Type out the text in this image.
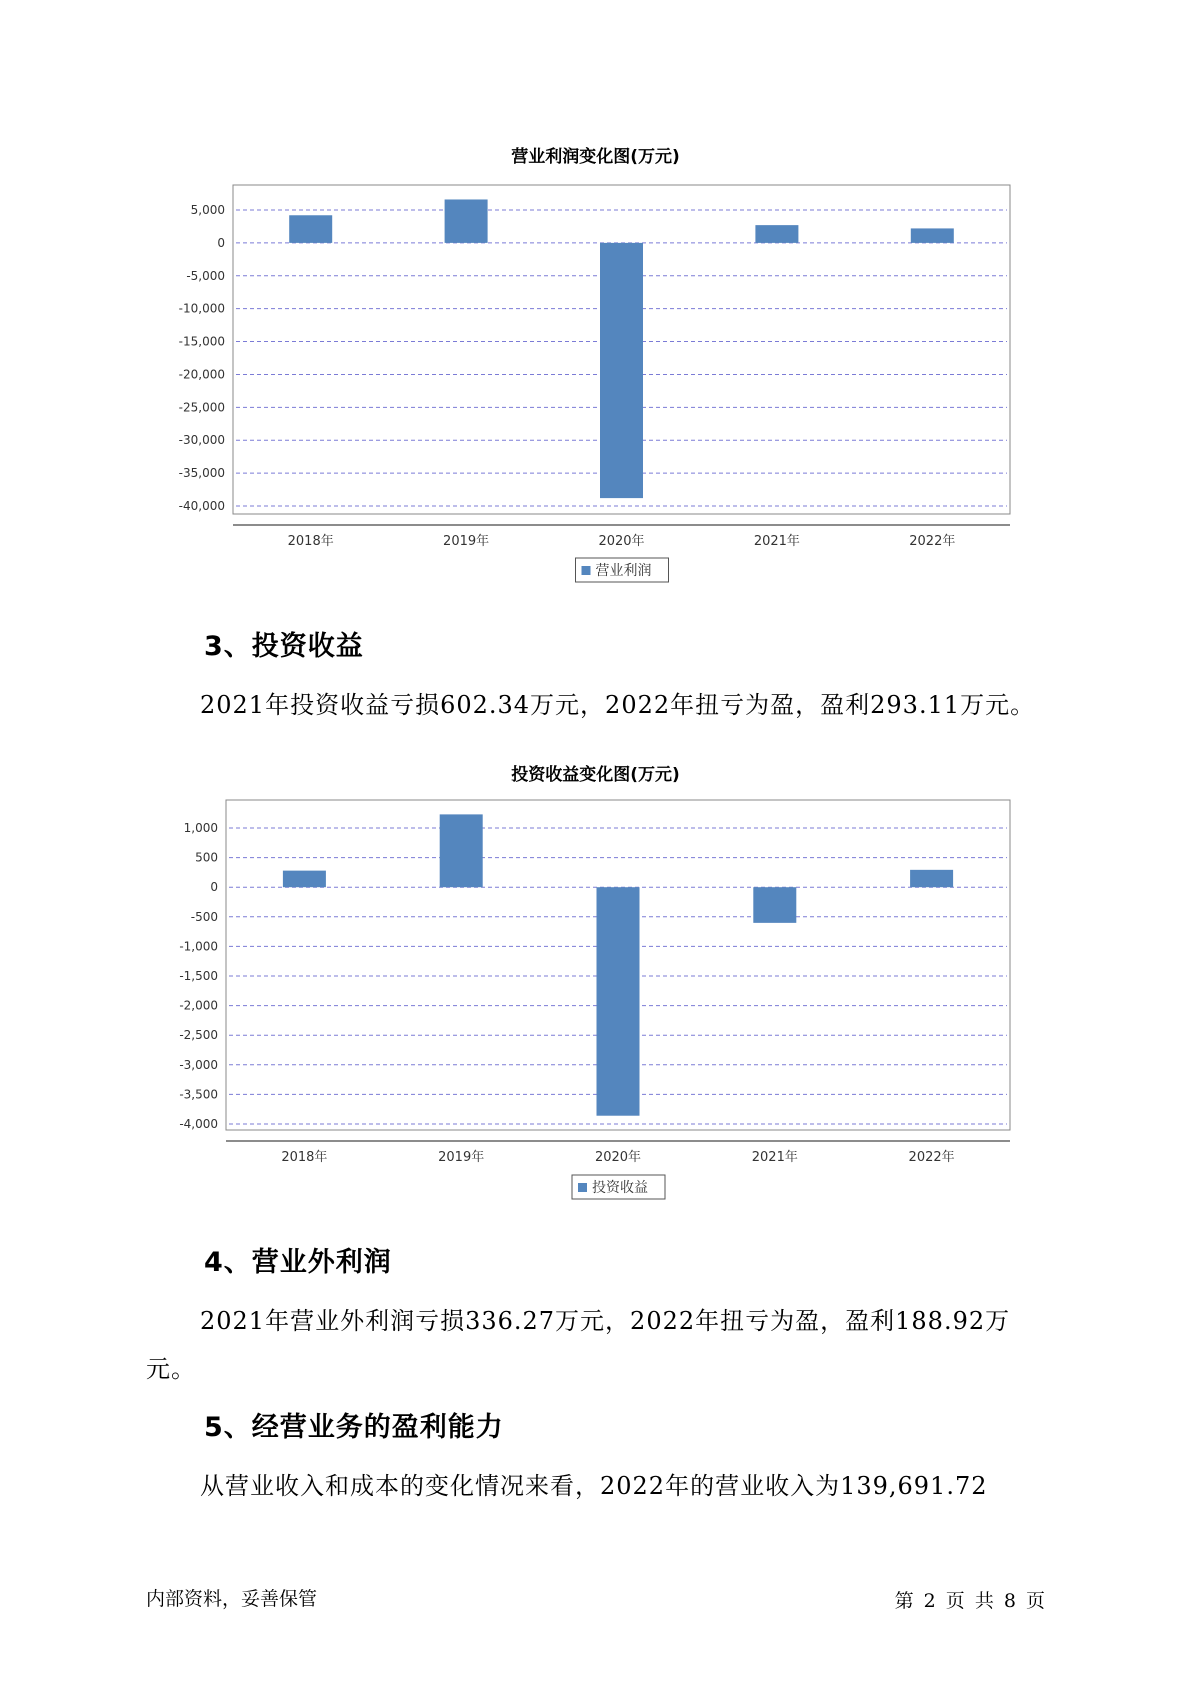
营业利润变化图(万元)
5,000
0
-5,000
-10,000
-15,000
-20,000
-25,000
-30,000
-35,000
-40,000
2018年	2019年	2020年	2021年	2022年
营业利润
3、投资收益

2021年投资收益亏损602.34万元，2022年扭亏为盈，盈利293.11万元。

投资收益变化图(万元)
1,000
500
0
-500
-1,000
-1,500
-2,000
-2,500
-3,000
-3,500
-4,000
2018年	2019年	2020年	2021年	2022年
投资收益
4、营业外利润

2021年营业外利润亏损336.27万元，2022年扭亏为盈，盈利188.92万元。

5、经营业务的盈利能力

从营业收入和成本的变化情况来看，2022年的营业收入为139,691.72

内部资料，妥善保管	第 2 页 共 8 页
